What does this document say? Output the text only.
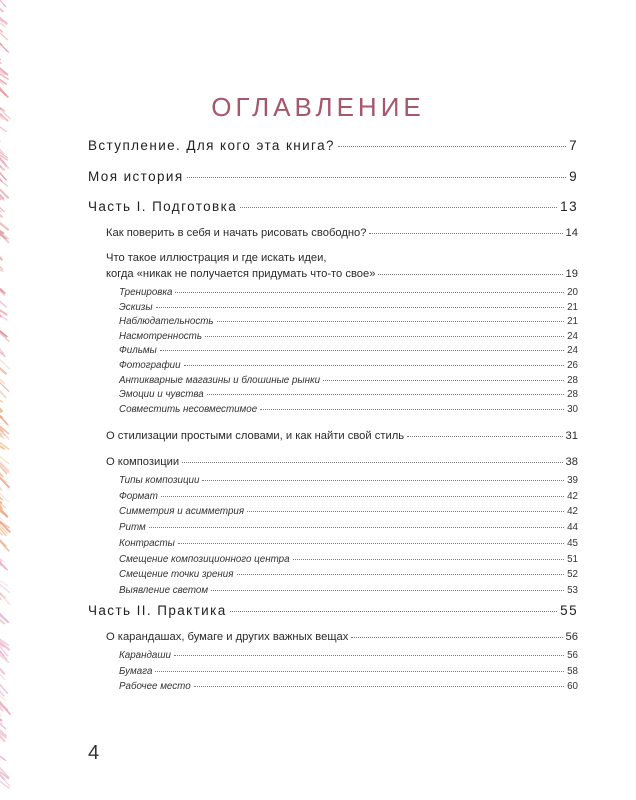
ОГЛАВЛЕНИЕ
Вступление. Для кого эта книга?	7
Моя история	9
Часть I. Подготовка	13
Как поверить в себя и начать рисовать свободно?	14
Что такое иллюстрация и где искать идеи,
когда «никак не получается придумать что-то свое»	19
Тренировка	20
Эскизы	21
Наблюдательность	21
Насмотренность	24
Фильмы	24
Фотографии	26
Антикварные магазины и блошиные рынки	28
Эмоции и чувства	28
Совместить несовместимое	30
О стилизации простыми словами, и как найти свой стиль	31
О композиции	38
Типы композиции	39
Формат	42
Симметрия и асимметрия	42
Ритм	44
Контрасты	45
Смещение композиционного центра	51
Смещение точки зрения	52
Выявление светом	53
Часть II. Практика	55
О карандашах, бумаге и других важных вещах	56
Карандаши	56
Бумага	58
Рабочее место	60
4
